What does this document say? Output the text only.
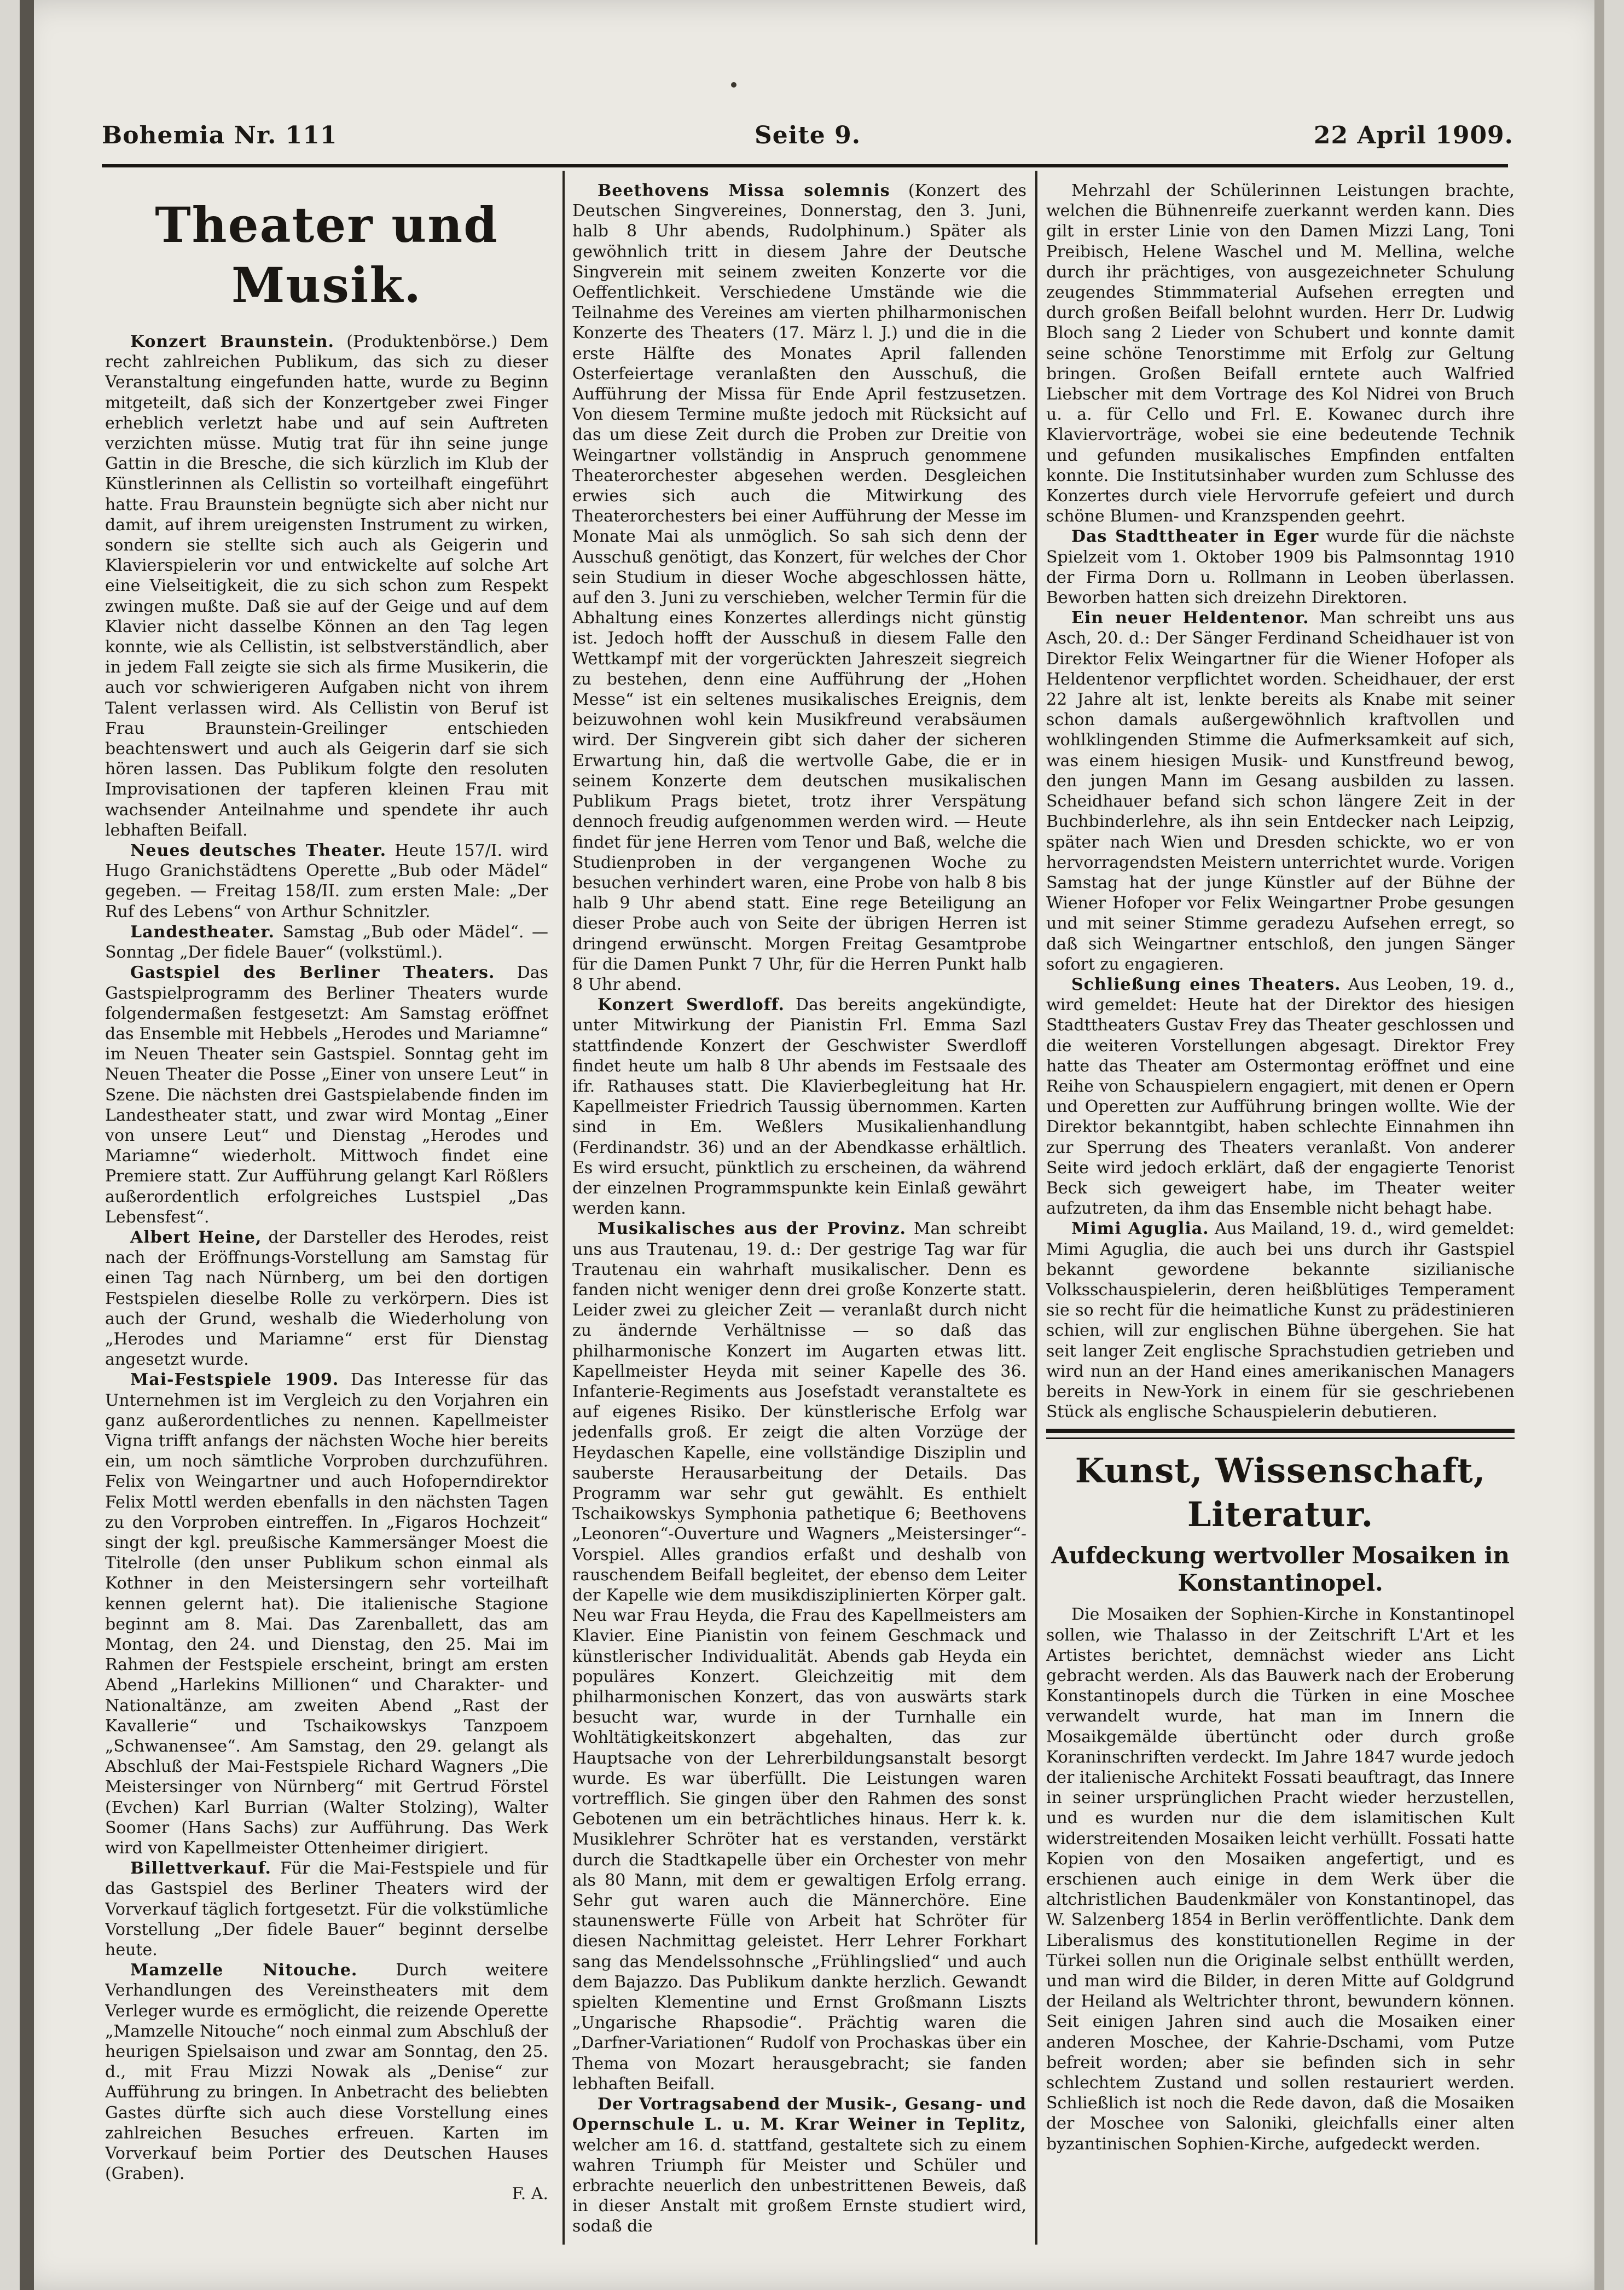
Bohemia Nr. 111	Seite 9.	22 April 1909.
Theater und Musik.

Konzert Braunstein. (Produktenbörse.) Dem recht zahlreichen Publikum, das sich zu dieser Veranstaltung eingefunden hatte, wurde zu Beginn mitgeteilt, daß sich der Konzertgeber zwei Finger erheblich verletzt habe und auf sein Auftreten verzichten müsse. Mutig trat für ihn seine junge Gattin in die Bresche, die sich kürzlich im Klub der Künstlerinnen als Cellistin so vorteilhaft eingeführt hatte. Frau Braunstein begnügte sich aber nicht nur damit, auf ihrem ureigensten Instrument zu wirken, sondern sie stellte sich auch als Geigerin und Klavierspielerin vor und entwickelte auf solche Art eine Vielseitigkeit, die zu sich schon zum Respekt zwingen mußte. Daß sie auf der Geige und auf dem Klavier nicht dasselbe Können an den Tag legen konnte, wie als Cellistin, ist selbstverständlich, aber in jedem Fall zeigte sie sich als firme Musikerin, die auch vor schwierigeren Aufgaben nicht von ihrem Talent verlassen wird. Als Cellistin von Beruf ist Frau Braunstein-Greilinger entschieden beachtenswert und auch als Geigerin darf sie sich hören lassen. Das Publikum folgte den resoluten Improvisationen der tapferen kleinen Frau mit wachsender Anteilnahme und spendete ihr auch lebhaften Beifall.

Neues deutsches Theater. Heute 157/I. wird Hugo Granichstädtens Operette „Bub oder Mädel“ gegeben. — Freitag 158/II. zum ersten Male: „Der Ruf des Lebens“ von Arthur Schnitzler.

Landestheater. Samstag „Bub oder Mädel“. — Sonntag „Der fidele Bauer“ (volkstüml.).

Gastspiel des Berliner Theaters. Das Gastspielprogramm des Berliner Theaters wurde folgendermaßen festgesetzt: Am Samstag eröffnet das Ensemble mit Hebbels „Herodes und Mariamne“ im Neuen Theater sein Gastspiel. Sonntag geht im Neuen Theater die Posse „Einer von unsere Leut“ in Szene. Die nächsten drei Gastspielabende finden im Landestheater statt, und zwar wird Montag „Einer von unsere Leut“ und Dienstag „Herodes und Mariamne“ wiederholt. Mittwoch findet eine Premiere statt. Zur Aufführung gelangt Karl Rößlers außerordentlich erfolgreiches Lustspiel „Das Lebensfest“.

Albert Heine, der Darsteller des Herodes, reist nach der Eröffnungs-Vorstellung am Samstag für einen Tag nach Nürnberg, um bei den dortigen Festspielen dieselbe Rolle zu verkörpern. Dies ist auch der Grund, weshalb die Wiederholung von „Herodes und Mariamne“ erst für Dienstag angesetzt wurde.

Mai-Festspiele 1909. Das Interesse für das Unternehmen ist im Vergleich zu den Vorjahren ein ganz außerordentliches zu nennen. Kapellmeister Vigna trifft anfangs der nächsten Woche hier bereits ein, um noch sämtliche Vorproben durchzuführen. Felix von Weingartner und auch Hofoperndirektor Felix Mottl werden ebenfalls in den nächsten Tagen zu den Vorproben eintreffen. In „Figaros Hochzeit“ singt der kgl. preußische Kammersänger Moest die Titelrolle (den unser Publikum schon einmal als Kothner in den Meistersingern sehr vorteilhaft kennen gelernt hat). Die italienische Stagione beginnt am 8. Mai. Das Zarenballett, das am Montag, den 24. und Dienstag, den 25. Mai im Rahmen der Festspiele erscheint, bringt am ersten Abend „Harlekins Millionen“ und Charakter- und Nationaltänze, am zweiten Abend „Rast der Kavallerie“ und Tschaikowskys Tanzpoem „Schwanensee“. Am Samstag, den 29. gelangt als Abschluß der Mai-Festspiele Richard Wagners „Die Meistersinger von Nürnberg“ mit Gertrud Förstel (Evchen) Karl Burrian (Walter Stolzing), Walter Soomer (Hans Sachs) zur Aufführung. Das Werk wird von Kapellmeister Ottenheimer dirigiert.

Billettverkauf. Für die Mai-Festspiele und für das Gastspiel des Berliner Theaters wird der Vorverkauf täglich fortgesetzt. Für die volkstümliche Vorstellung „Der fidele Bauer“ beginnt derselbe heute.

Mamzelle Nitouche. Durch weitere Verhandlungen des Vereinstheaters mit dem Verleger wurde es ermöglicht, die reizende Operette „Mamzelle Nitouche“ noch einmal zum Abschluß der heurigen Spielsaison und zwar am Sonntag, den 25. d., mit Frau Mizzi Nowak als „Denise“ zur Aufführung zu bringen. In Anbetracht des beliebten Gastes dürfte sich auch diese Vorstellung eines zahlreichen Besuches erfreuen. Karten im Vorverkauf beim Portier des Deutschen Hauses (Graben).

F. A.

Beethovens Missa solemnis (Konzert des Deutschen Singvereines, Donnerstag, den 3. Juni, halb 8 Uhr abends, Rudolphinum.) Später als gewöhnlich tritt in diesem Jahre der Deutsche Singverein mit seinem zweiten Konzerte vor die Oeffentlichkeit. Verschiedene Umstände wie die Teilnahme des Vereines am vierten philharmonischen Konzerte des Theaters (17. März l. J.) und die in die erste Hälfte des Monates April fallenden Osterfeiertage veranlaßten den Ausschuß, die Aufführung der Missa für Ende April festzusetzen. Von diesem Termine mußte jedoch mit Rücksicht auf das um diese Zeit durch die Proben zur Dreitie von Weingartner vollständig in Anspruch genommene Theaterorchester abgesehen werden. Desgleichen erwies sich auch die Mitwirkung des Theaterorchesters bei einer Aufführung der Messe im Monate Mai als unmöglich. So sah sich denn der Ausschuß genötigt, das Konzert, für welches der Chor sein Studium in dieser Woche abgeschlossen hätte, auf den 3. Juni zu verschieben, welcher Termin für die Abhaltung eines Konzertes allerdings nicht günstig ist. Jedoch hofft der Ausschuß in diesem Falle den Wettkampf mit der vorgerückten Jahreszeit siegreich zu bestehen, denn eine Aufführung der „Hohen Messe“ ist ein seltenes musikalisches Ereignis, dem beizuwohnen wohl kein Musikfreund verabsäumen wird. Der Singverein gibt sich daher der sicheren Erwartung hin, daß die wertvolle Gabe, die er in seinem Konzerte dem deutschen musikalischen Publikum Prags bietet, trotz ihrer Verspätung dennoch freudig aufgenommen werden wird. — Heute findet für jene Herren vom Tenor und Baß, welche die Studienproben in der vergangenen Woche zu besuchen verhindert waren, eine Probe von halb 8 bis halb 9 Uhr abend statt. Eine rege Beteiligung an dieser Probe auch von Seite der übrigen Herren ist dringend erwünscht. Morgen Freitag Gesamtprobe für die Damen Punkt 7 Uhr, für die Herren Punkt halb 8 Uhr abend.

Konzert Swerdloff. Das bereits angekündigte, unter Mitwirkung der Pianistin Frl. Emma Sazl stattfindende Konzert der Geschwister Swerdloff findet heute um halb 8 Uhr abends im Festsaale des ifr. Rathauses statt. Die Klavierbegleitung hat Hr. Kapellmeister Friedrich Taussig übernommen. Karten sind in Em. Weßlers Musikalienhandlung (Ferdinandstr. 36) und an der Abendkasse erhältlich. Es wird ersucht, pünktlich zu erscheinen, da während der einzelnen Programmspunkte kein Einlaß gewährt werden kann.

Musikalisches aus der Provinz. Man schreibt uns aus Trautenau, 19. d.: Der gestrige Tag war für Trautenau ein wahrhaft musikalischer. Denn es fanden nicht weniger denn drei große Konzerte statt. Leider zwei zu gleicher Zeit — veranlaßt durch nicht zu ändernde Verhältnisse — so daß das philharmonische Konzert im Augarten etwas litt. Kapellmeister Heyda mit seiner Kapelle des 36. Infanterie-Regiments aus Josefstadt veranstaltete es auf eigenes Risiko. Der künstlerische Erfolg war jedenfalls groß. Er zeigt die alten Vorzüge der Heydaschen Kapelle, eine vollständige Disziplin und sauberste Herausarbeitung der Details. Das Programm war sehr gut gewählt. Es enthielt Tschaikowskys Symphonia pathetique 6; Beethovens „Leonoren“-Ouverture und Wagners „Meistersinger“-Vorspiel. Alles grandios erfaßt und deshalb von rauschendem Beifall begleitet, der ebenso dem Leiter der Kapelle wie dem musikdisziplinierten Körper galt. Neu war Frau Heyda, die Frau des Kapellmeisters am Klavier. Eine Pianistin von feinem Geschmack und künstlerischer Individualität. Abends gab Heyda ein populäres Konzert. Gleichzeitig mit dem philharmonischen Konzert, das von auswärts stark besucht war, wurde in der Turnhalle ein Wohltätigkeitskonzert abgehalten, das zur Hauptsache von der Lehrerbildungsanstalt besorgt wurde. Es war überfüllt. Die Leistungen waren vortrefflich. Sie gingen über den Rahmen des sonst Gebotenen um ein beträchtliches hinaus. Herr k. k. Musiklehrer Schröter hat es verstanden, verstärkt durch die Stadtkapelle über ein Orchester von mehr als 80 Mann, mit dem er gewaltigen Erfolg errang. Sehr gut waren auch die Männerchöre. Eine staunenswerte Fülle von Arbeit hat Schröter für diesen Nachmittag geleistet. Herr Lehrer Forkhart sang das Mendelssohnsche „Frühlingslied“ und auch dem Bajazzo. Das Publikum dankte herzlich. Gewandt spielten Klementine und Ernst Großmann Liszts „Ungarische Rhapsodie“. Prächtig waren die „Darfner-Variationen“ Rudolf von Prochaskas über ein Thema von Mozart herausgebracht; sie fanden lebhaften Beifall.

Der Vortragsabend der Musik-, Gesang- und Opernschule L. u. M. Krar Weiner in Teplitz, welcher am 16. d. stattfand, gestaltete sich zu einem wahren Triumph für Meister und Schüler und erbrachte neuerlich den unbestrittenen Beweis, daß in dieser Anstalt mit großem Ernste studiert wird, sodaß die

Mehrzahl der Schülerinnen Leistungen brachte, welchen die Bühnenreife zuerkannt werden kann. Dies gilt in erster Linie von den Damen Mizzi Lang, Toni Preibisch, Helene Waschel und M. Mellina, welche durch ihr prächtiges, von ausgezeichneter Schulung zeugendes Stimmmaterial Aufsehen erregten und durch großen Beifall belohnt wurden. Herr Dr. Ludwig Bloch sang 2 Lieder von Schubert und konnte damit seine schöne Tenorstimme mit Erfolg zur Geltung bringen. Großen Beifall erntete auch Walfried Liebscher mit dem Vortrage des Kol Nidrei von Bruch u. a. für Cello und Frl. E. Kowanec durch ihre Klaviervorträge, wobei sie eine bedeutende Technik und gefunden musikalisches Empfinden entfalten konnte. Die Institutsinhaber wurden zum Schlusse des Konzertes durch viele Hervorrufe gefeiert und durch schöne Blumen- und Kranzspenden geehrt.

Das Stadttheater in Eger wurde für die nächste Spielzeit vom 1. Oktober 1909 bis Palmsonntag 1910 der Firma Dorn u. Rollmann in Leoben überlassen. Beworben hatten sich dreizehn Direktoren.

Ein neuer Heldentenor. Man schreibt uns aus Asch, 20. d.: Der Sänger Ferdinand Scheidhauer ist von Direktor Felix Weingartner für die Wiener Hofoper als Heldentenor verpflichtet worden. Scheidhauer, der erst 22 Jahre alt ist, lenkte bereits als Knabe mit seiner schon damals außergewöhnlich kraftvollen und wohlklingenden Stimme die Aufmerksamkeit auf sich, was einem hiesigen Musik- und Kunstfreund bewog, den jungen Mann im Gesang ausbilden zu lassen. Scheidhauer befand sich schon längere Zeit in der Buchbinderlehre, als ihn sein Entdecker nach Leipzig, später nach Wien und Dresden schickte, wo er von hervorragendsten Meistern unterrichtet wurde. Vorigen Samstag hat der junge Künstler auf der Bühne der Wiener Hofoper vor Felix Weingartner Probe gesungen und mit seiner Stimme geradezu Aufsehen erregt, so daß sich Weingartner entschloß, den jungen Sänger sofort zu engagieren.

Schließung eines Theaters. Aus Leoben, 19. d., wird gemeldet: Heute hat der Direktor des hiesigen Stadttheaters Gustav Frey das Theater geschlossen und die weiteren Vorstellungen abgesagt. Direktor Frey hatte das Theater am Ostermontag eröffnet und eine Reihe von Schauspielern engagiert, mit denen er Opern und Operetten zur Aufführung bringen wollte. Wie der Direktor bekanntgibt, haben schlechte Einnahmen ihn zur Sperrung des Theaters veranlaßt. Von anderer Seite wird jedoch erklärt, daß der engagierte Tenorist Beck sich geweigert habe, im Theater weiter aufzutreten, da ihm das Ensemble nicht behagt habe.

Mimi Aguglia. Aus Mailand, 19. d., wird gemeldet: Mimi Aguglia, die auch bei uns durch ihr Gastspiel bekannt gewordene bekannte sizilianische Volksschauspielerin, deren heißblütiges Temperament sie so recht für die heimatliche Kunst zu prädestinieren schien, will zur englischen Bühne übergehen. Sie hat seit langer Zeit englische Sprachstudien getrieben und wird nun an der Hand eines amerikanischen Managers bereits in New-York in einem für sie geschriebenen Stück als englische Schauspielerin debutieren.

Kunst, Wissenschaft, Literatur.
Aufdeckung wertvoller Mosaiken in Konstantinopel.

Die Mosaiken der Sophien-Kirche in Konstantinopel sollen, wie Thalasso in der Zeitschrift L'Art et les Artistes berichtet, demnächst wieder ans Licht gebracht werden. Als das Bauwerk nach der Eroberung Konstantinopels durch die Türken in eine Moschee verwandelt wurde, hat man im Innern die Mosaikgemälde übertüncht oder durch große Koraninschriften verdeckt. Im Jahre 1847 wurde jedoch der italienische Architekt Fossati beauftragt, das Innere in seiner ursprünglichen Pracht wieder herzustellen, und es wurden nur die dem islamitischen Kult widerstreitenden Mosaiken leicht verhüllt. Fossati hatte Kopien von den Mosaiken angefertigt, und es erschienen auch einige in dem Werk über die altchristlichen Baudenkmäler von Konstantinopel, das W. Salzenberg 1854 in Berlin veröffentlichte. Dank dem Liberalismus des konstitutionellen Regime in der Türkei sollen nun die Originale selbst enthüllt werden, und man wird die Bilder, in deren Mitte auf Goldgrund der Heiland als Weltrichter thront, bewundern können. Seit einigen Jahren sind auch die Mosaiken einer anderen Moschee, der Kahrie-Dschami, vom Putze befreit worden; aber sie befinden sich in sehr schlechtem Zustand und sollen restauriert werden. Schließlich ist noch die Rede davon, daß die Mosaiken der Moschee von Saloniki, gleichfalls einer alten byzantinischen Sophien-Kirche, aufgedeckt werden.
